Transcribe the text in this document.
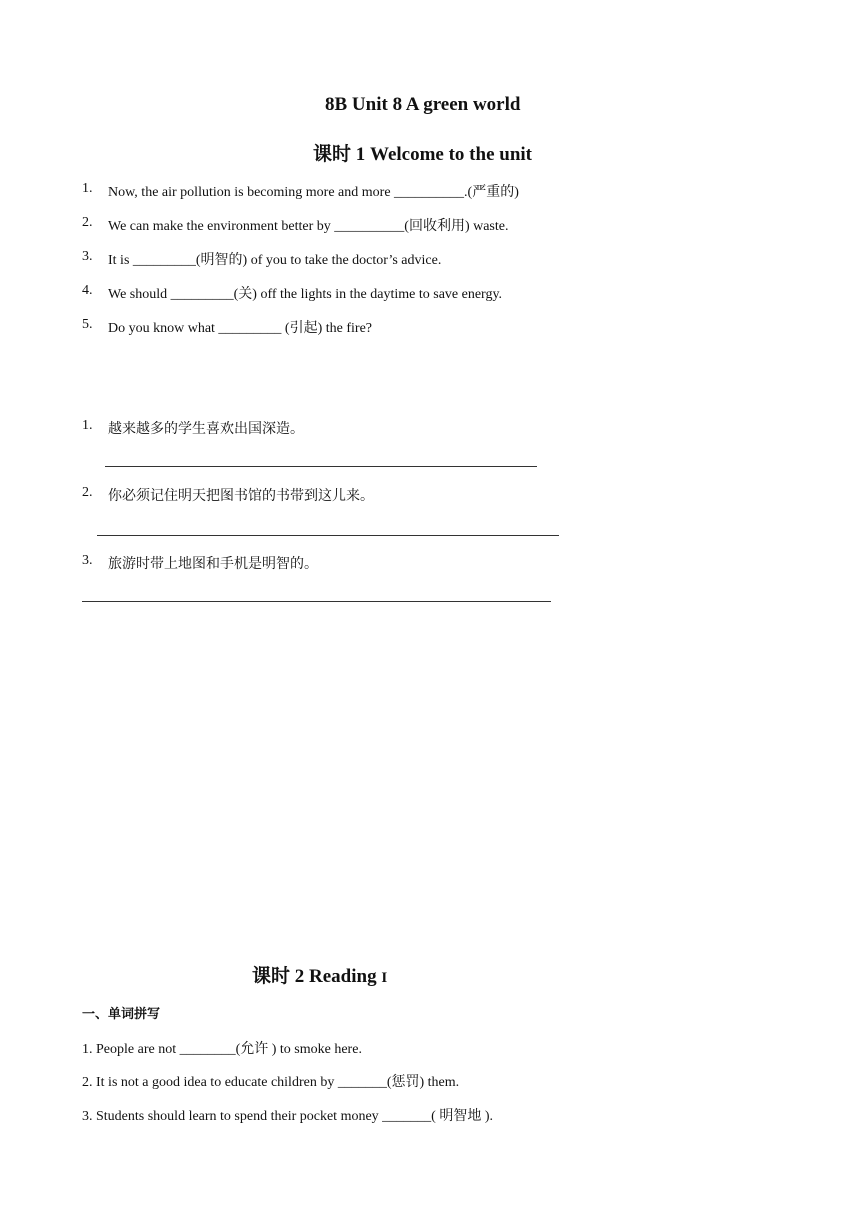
8B Unit 8 A green world
课时 1 Welcome to the unit
1. Now, the air pollution is becoming more and more __________.(严重的)
2. We can make the environment better by __________(回收利用) waste.
3. It is _________(明智的) of you to take the doctor’s advice.
4. We should _________(关) off the lights in the daytime to save energy.
5. Do you know what _________ (引起) the fire?
1. 越来越多的学生喜欢出国深造。
2. 你必须记住明天把图书馆的书带到这儿来。
3. 旅游时带上地图和手机是明智的。
课时 2 Reading I
一、单词拼写
1. People are not ________(允许 ) to smoke here.
2. It is not a good idea to educate children by _______(惩罚) them.
3. Students should learn to spend their pocket money _______( 明智地 ).
